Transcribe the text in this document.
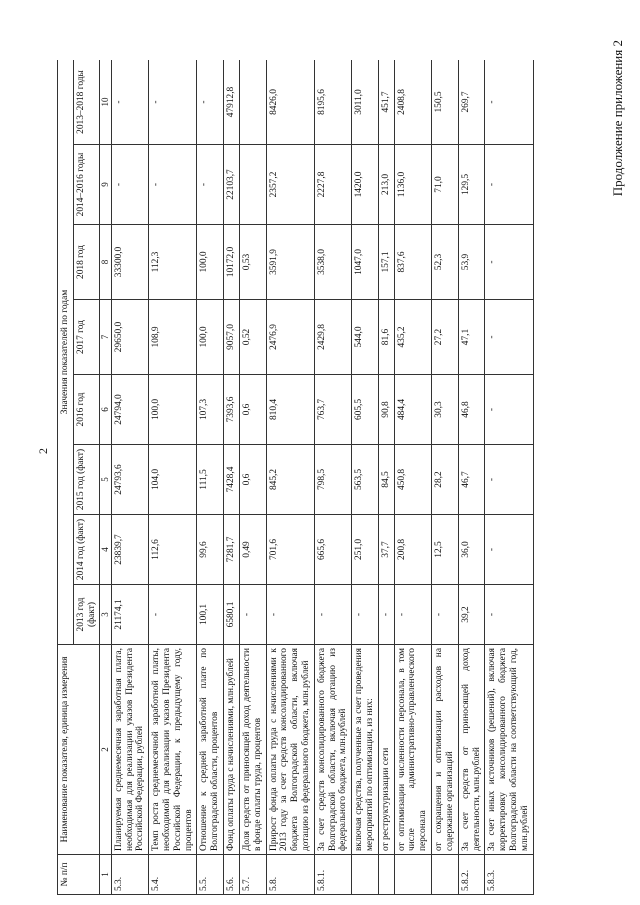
2
Продолжение приложения 2
№ п/п	Наименование показателя, единица измерения	Значения показателей по годам							
		2013 год (факт)	2014 год (факт)	2015 год (факт)	2016 год	2017 год	2018 год	2014–2016 годы	2013–2018 годы
1	2	3	4	5	6	7	8	9	10
5.3.	Планируемая среднемесячная заработная плата, необходимая для реализации указов Президента Российской Федерации, рублей	21174,1	23839,7	24793,6	24794,0	29650,0	33300,0	-	-
5.4.	Темп роста среднемесячной заработной платы, необходимой для реализации указов Президента Российской Федерации, к предыдущему году, процентов	-	112,6	104,0	100,0	108,9	112,3	-	-
5.5.	Отношение к средней заработной плате по Волгоградской области, процентов	100,1	99,6	111,5	107,3	100,0	100,0	-	-
5.6.	Фонд оплаты труда с начислениями, млн.рублей	6580,1	7281,7	7428,4	7393,6	9057,0	10172,0	22103,7	47912,8
5.7.	Доля средств от приносящей доход деятельности в фонде оплаты труда, процентов	-	0,49	0,6	0,6	0,52	0,53		
5.8.	Прирост фонда оплаты труда с начислениями к 2013 году за счет средств консолидированного бюджета Волгоградской области, включая дотацию из федерального бюджета, млн.рублей	-	701,6	845,2	810,4	2476,9	3591,9	2357,2	8426,0
5.8.1.	За счет средств консолидированного бюджета Волгоградской области, включая дотацию из федерального бюджета, млн.рублей	-	665,6	798,5	763,7	2429,8	3538,0	2227,8	8195,6
	включая средства, полученные за счет проведения мероприятий по оптимизации, из них:	-	251,0	563,5	605,5	544,0	1047,0	1420,0	3011,0
	от реструктуризации сети	-	37,7	84,5	90,8	81,6	157,1	213,0	451,7
	от оптимизации численности персонала, в том числе административно-управленческого персонала	-	200,8	450,8	484,4	435,2	837,6	1136,0	2408,8
	от сокращения и оптимизации расходов на содержание организаций	-	12,5	28,2	30,3	27,2	52,3	71,0	150,5
5.8.2.	За счет средств от приносящей доход деятельности, млн.рублей	39,2	36,0	46,7	46,8	47,1	53,9	129,5	269,7
5.8.3.	За счет иных источников (решений), включая корректировку консолидированного бюджета Волгоградской области на соответствующий год, млн.рублей	-	-	-	-	-	-	-	-
